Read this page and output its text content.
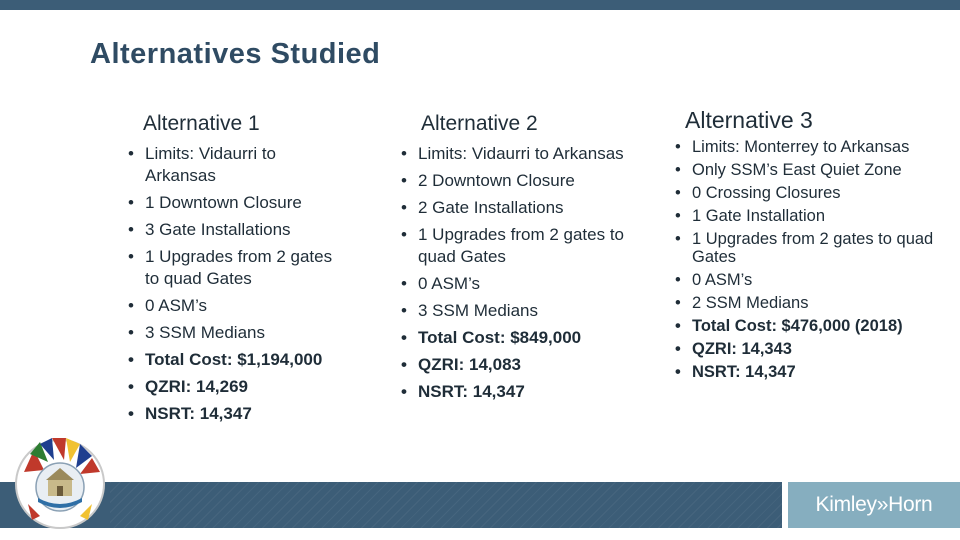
Alternatives Studied
Alternative 1
• Limits: Vidaurri to Arkansas
• 1 Downtown Closure
• 3 Gate Installations
• 1 Upgrades from 2 gates to quad Gates
• 0 ASM’s
• 3 SSM Medians
• Total Cost: $1,194,000
• QZRI: 14,269
• NSRT: 14,347
Alternative 2
• Limits: Vidaurri to Arkansas
• 2 Downtown Closure
• 2 Gate Installations
• 1 Upgrades from 2 gates to quad Gates
• 0 ASM’s
• 3 SSM Medians
• Total Cost: $849,000
• QZRI: 14,083
• NSRT: 14,347
Alternative 3
• Limits: Monterrey to Arkansas
• Only SSM’s East Quiet Zone
• 0 Crossing Closures
• 1 Gate Installation
• 1 Upgrades from 2 gates to quad Gates
• 0 ASM’s
• 2 SSM Medians
• Total Cost: $476,000 (2018)
• QZRI: 14,343
• NSRT: 14,347
Kimley»Horn
